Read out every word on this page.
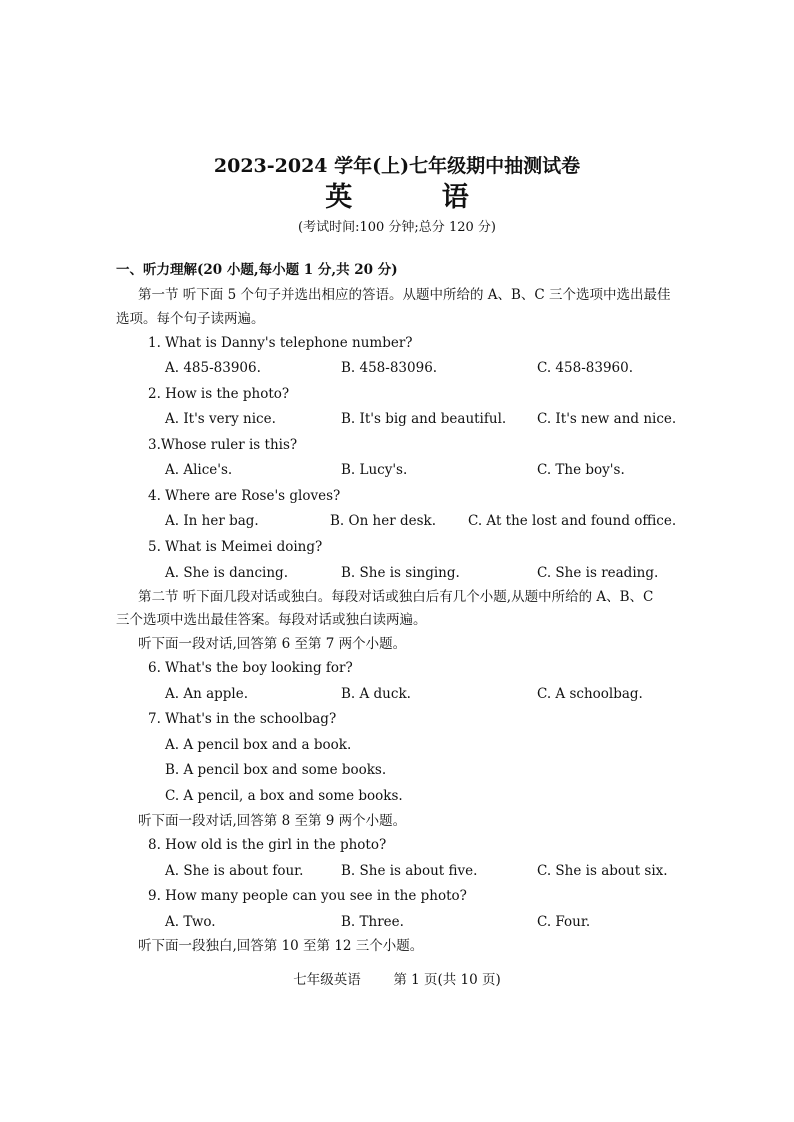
2023-2024 学年(上)七年级期中抽测试卷
英 语
(考试时间:100 分钟;总分 120 分)
一、听力理解(20 小题,每小题 1 分,共 20 分)
第一节 听下面 5 个句子并选出相应的答语。从题中所给的 A、B、C 三个选项中选出最佳
选项。每个句子读两遍。
1. What is Danny's telephone number?
A. 485-83906.	B. 458-83096.	C. 458-83960.
2. How is the photo?
A. It's very nice.	B. It's big and beautiful. C. It's new and nice.
3.Whose ruler is this?
A. Alice's.	B. Lucy's.	C. The boy's.
4. Where are Rose's gloves?
A. In her bag.	B. On her desk. C. At the lost and found office.
5. What is Meimei doing?
A. She is dancing.	B. She is singing.	C. She is reading.
第二节 听下面几段对话或独白。每段对话或独白后有几个小题,从题中所给的 A、B、C
三个选项中选出最佳答案。每段对话或独白读两遍。
听下面一段对话,回答第 6 至第 7 两个小题。
6. What's the boy looking for?
A. An apple.	B. A duck.	C. A schoolbag.
7. What's in the schoolbag?
A. A pencil box and a book.
B. A pencil box and some books.
C. A pencil, a box and some books.
听下面一段对话,回答第 8 至第 9 两个小题。
8. How old is the girl in the photo?
A. She is about four.	B. She is about five.	C. She is about six.
9. How many people can you see in the photo?
A. Two.	B. Three.	C. Four.
听下面一段独白,回答第 10 至第 12 三个小题。
七年级英语 第 1 页(共 10 页)
